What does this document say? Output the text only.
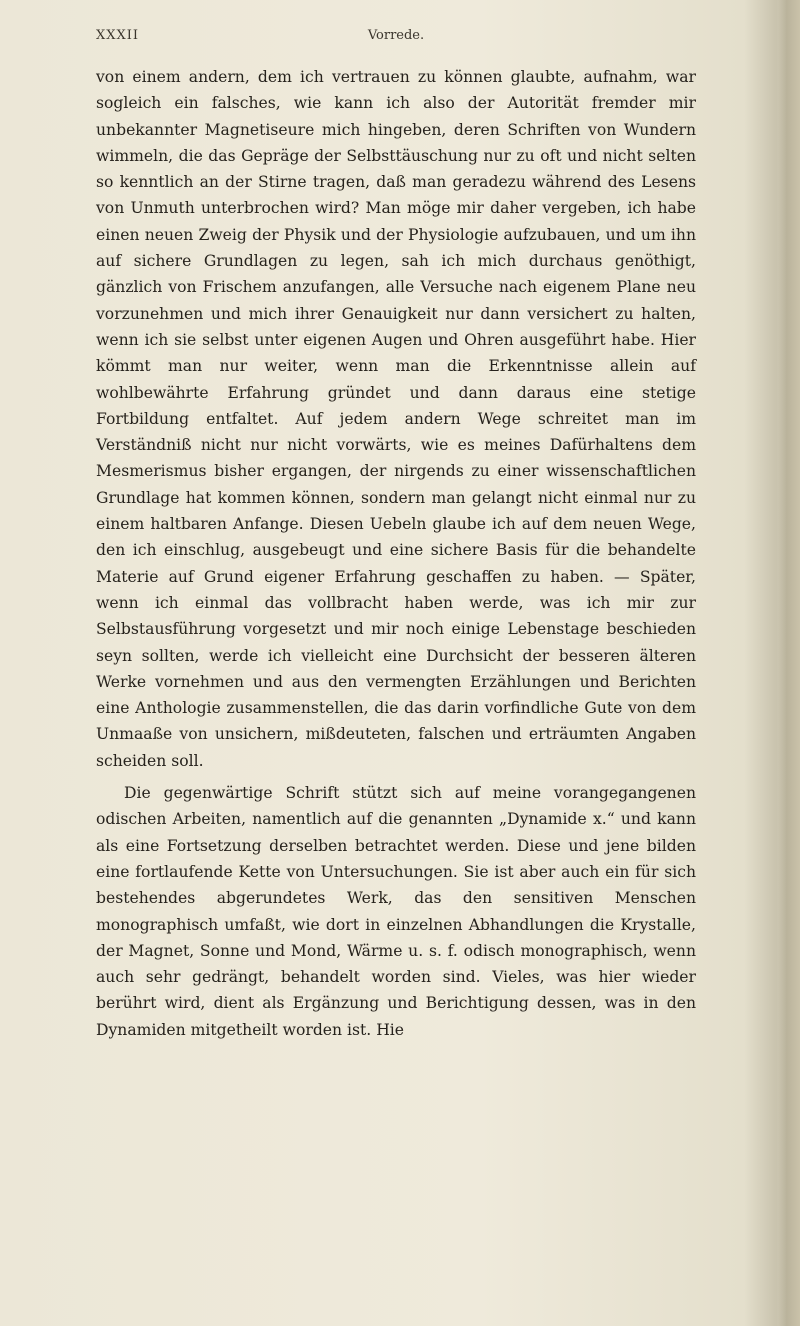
XXXII	Vorrede.

von einem andern, dem ich vertrauen zu können glaubte, aufnahm, war sogleich ein falsches, wie kann ich also der Autorität fremder mir unbekannter Magnetiseure mich hingeben, deren Schriften von Wundern wimmeln, die das Gepräge der Selbsttäuschung nur zu oft und nicht selten so kenntlich an der Stirne tragen, daß man geradezu während des Lesens von Unmuth unterbrochen wird? Man möge mir daher vergeben, ich habe einen neuen Zweig der Physik und der Physiologie aufzubauen, und um ihn auf sichere Grundlagen zu legen, sah ich mich durchaus genöthigt, gänzlich von Frischem anzufangen, alle Versuche nach eigenem Plane neu vorzunehmen und mich ihrer Genauigkeit nur dann versichert zu halten, wenn ich sie selbst unter eigenen Augen und Ohren ausgeführt habe. Hier kömmt man nur weiter, wenn man die Erkenntnisse allein auf wohlbewährte Erfahrung gründet und dann daraus eine stetige Fortbildung entfaltet. Auf jedem andern Wege schreitet man im Verständniß nicht nur nicht vorwärts, wie es meines Dafürhaltens dem Mesmerismus bisher ergangen, der nirgends zu einer wissenschaftlichen Grundlage hat kommen können, sondern man gelangt nicht einmal nur zu einem haltbaren Anfange. Diesen Uebeln glaube ich auf dem neuen Wege, den ich einschlug, ausgebeugt und eine sichere Basis für die behandelte Materie auf Grund eigener Erfahrung geschaffen zu haben. — Später, wenn ich einmal das vollbracht haben werde, was ich mir zur Selbstausführung vorgesetzt und mir noch einige Lebenstage beschieden seyn sollten, werde ich vielleicht eine Durchsicht der besseren älteren Werke vornehmen und aus den vermengten Erzählungen und Berichten eine Anthologie zusammenstellen, die das darin vorfindliche Gute von dem Unmaaße von unsichern, mißdeuteten, falschen und erträumten Angaben scheiden soll.

Die gegenwärtige Schrift stützt sich auf meine vorangegangenen odischen Arbeiten, namentlich auf die genannten „Dynamide x.“ und kann als eine Fortsetzung derselben betrachtet werden. Diese und jene bilden eine fortlaufende Kette von Untersuchungen. Sie ist aber auch ein für sich bestehendes abgerundetes Werk, das den sensitiven Menschen monographisch umfaßt, wie dort in einzelnen Abhandlungen die Krystalle, der Magnet, Sonne und Mond, Wärme u. s. f. odisch monographisch, wenn auch sehr gedrängt, behandelt worden sind. Vieles, was hier wieder berührt wird, dient als Ergänzung und Berichtigung dessen, was in den Dynamiden mitgetheilt worden ist. Hie
